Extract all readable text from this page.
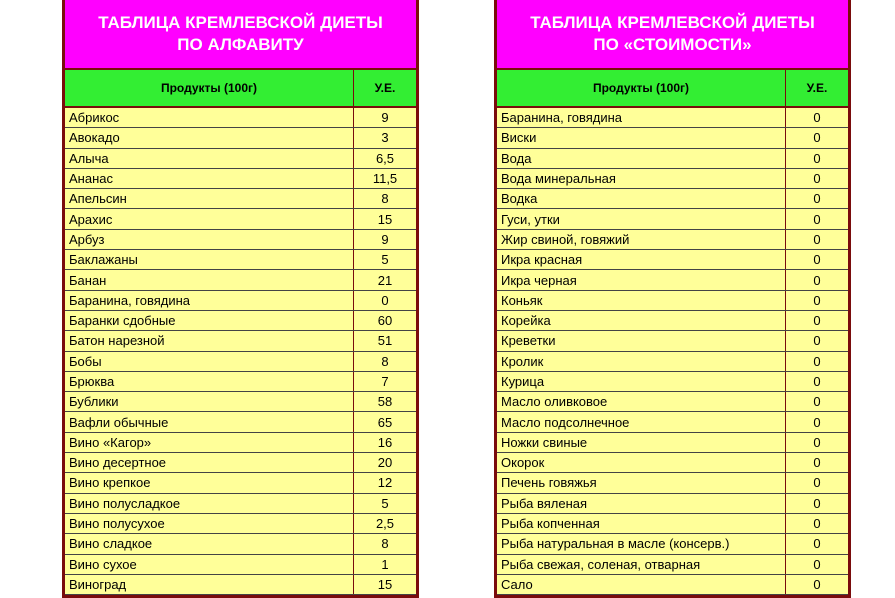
ТАБЛИЦА КРЕМЛЕВСКОЙ ДИЕТЫ
ПО АЛФАВИТУ
Продукты (100г)	У.Е.
Абрикос	9
Авокадо	3
Алыча	6,5
Ананас	11,5
Апельсин	8
Арахис	15
Арбуз	9
Баклажаны	5
Банан	21
Баранина, говядина	0
Баранки сдобные	60
Батон нарезной	51
Бобы	8
Брюква	7
Бублики	58
Вафли обычные	65
Вино «Кагор»	16
Вино десертное	20
Вино крепкое	12
Вино полусладкое	5
Вино полусухое	2,5
Вино сладкое	8
Вино сухое	1
Виноград	15
ТАБЛИЦА КРЕМЛЕВСКОЙ ДИЕТЫ
ПО «СТОИМОСТИ»
Продукты (100г)	У.Е.
Баранина, говядина	0
Виски	0
Вода	0
Вода минеральная	0
Водка	0
Гуси, утки	0
Жир свиной, говяжий	0
Икра красная	0
Икра черная	0
Коньяк	0
Корейка	0
Креветки	0
Кролик	0
Курица	0
Масло оливковое	0
Масло подсолнечное	0
Ножки свиные	0
Окорок	0
Печень говяжья	0
Рыба вяленая	0
Рыба копченная	0
Рыба натуральная в масле (консерв.)	0
Рыба свежая, соленая, отварная	0
Сало	0
